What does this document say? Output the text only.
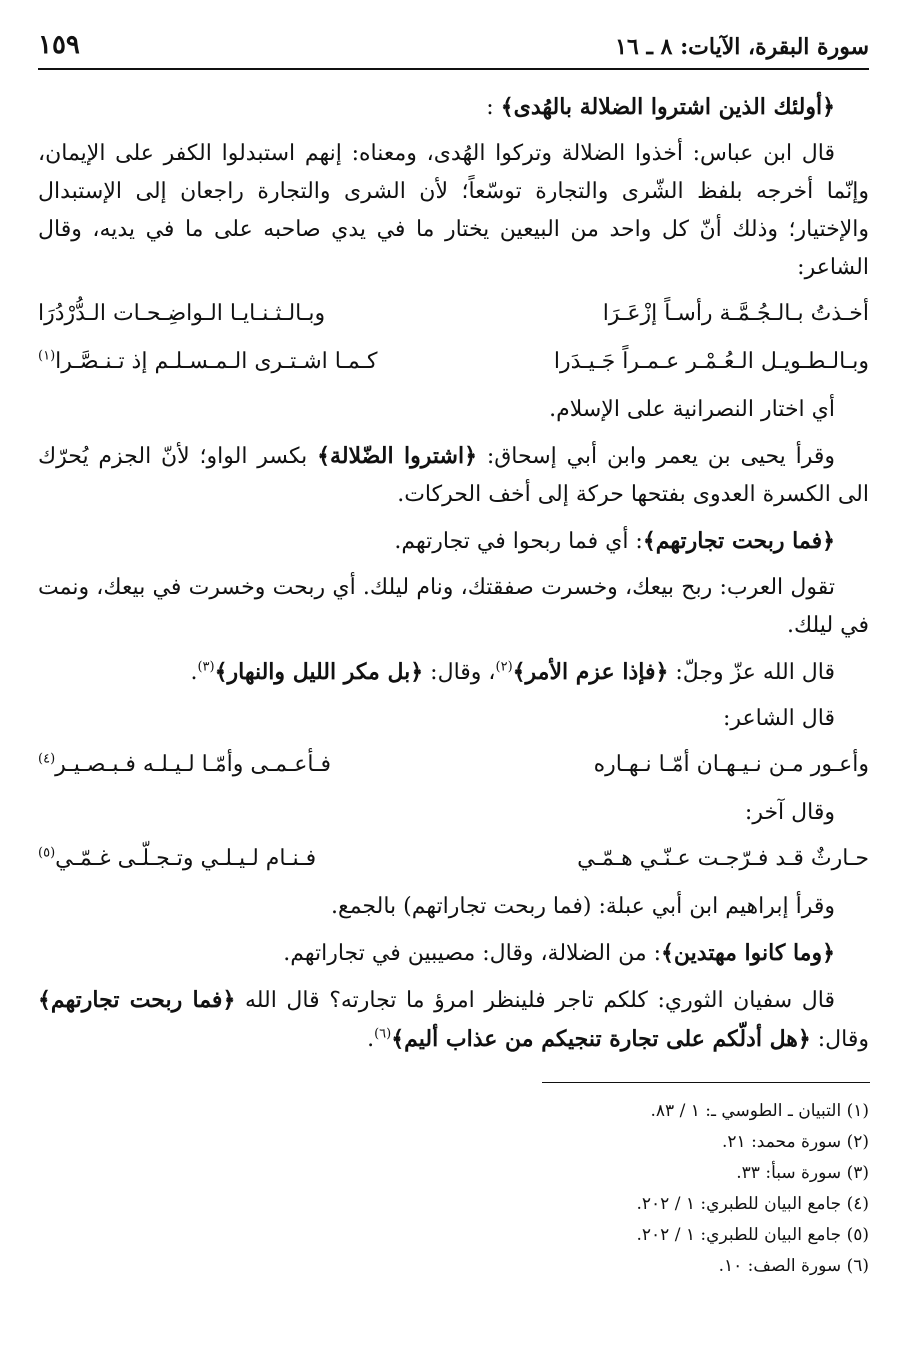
سورة البقرة، الآيات: ٨ ـ ١٦
١٥٩

﴿أولئك الذين اشتروا الضلالة بالهُدى﴾ :

قال ابن عباس: أخذوا الضلالة وتركوا الهُدى، ومعناه: إنهم استبدلوا الكفر على الإيمان، وإنّما أخرجه بلفظ الشّرى والتجارة توسّعاً؛ لأن الشرى والتجارة راجعان إلى الإستبدال والإختيار؛ وذلك أنّ كل واحد من البيعين يختار ما في يدي صاحبه على ما في يديه، وقال الشاعر:

أخـذتُ بـالـجُـمَّـة رأسـاً إزْعَـرَا
وبـالـثـنـايـا الـواضِـحـات الـدُّرْدُرَا
وبـالـطـويـل الـعُـمْـر عـمـراً جَـيـدَرا
كـمـا اشـتـرى الـمـسـلـم إذ تـنـصَّـرا$^{(١)}$

أي اختار النصرانية على الإسلام.

وقرأ يحيى بن يعمر وابن أبي إسحاق: ﴿اشتروا الضّلالة﴾ بكسر الواو؛ لأنّ الجزم يُحرّك الى الكسرة العدوى بفتحها حركة إلى أخف الحركات.

﴿فما ربحت تجارتهم﴾: أي فما ربحوا في تجارتهم.

تقول العرب: ربح بيعك، وخسرت صفقتك، ونام ليلك. أي ربحت وخسرت في بيعك، ونمت في ليلك.

قال الله عزّ وجلّ: ﴿فإذا عزم الأمر﴾$^{(٢)}$، وقال: ﴿بل مكر الليل والنهار﴾$^{(٣)}$.

قال الشاعر:

وأعـور مـن نـيـهـان أمّـا نـهـاره
فـأعـمـى وأمّـا لـيـلـه فـبـصـيـر$^{(٤)}$

وقال آخر:

حـارثٌ قـد فـرّجـت عـنّـي هـمّـي
فـنـام لـيـلـي وتـجـلّـى غـمّـي$^{(٥)}$

وقرأ إبراهيم ابن أبي عبلة: (فما ربحت تجاراتهم) بالجمع.

﴿وما كانوا مهتدين﴾: من الضلالة، وقال: مصيبين في تجاراتهم.

قال سفيان الثوري: كلكم تاجر فلينظر امرؤ ما تجارته؟ قال الله ﴿فما ربحت تجارتهم﴾ وقال: ﴿هل أدلّكم على تجارة تنجيكم من عذاب أليم﴾$^{(٦)}$.

(١) التبيان ـ الطوسي ـ: ١ / ٨٣.
(٢) سورة محمد: ٢١.
(٣) سورة سبأ: ٣٣.
(٤) جامع البيان للطبري: ١ / ٢٠٢.
(٥) جامع البيان للطبري: ١ / ٢٠٢.
(٦) سورة الصف: ١٠.
